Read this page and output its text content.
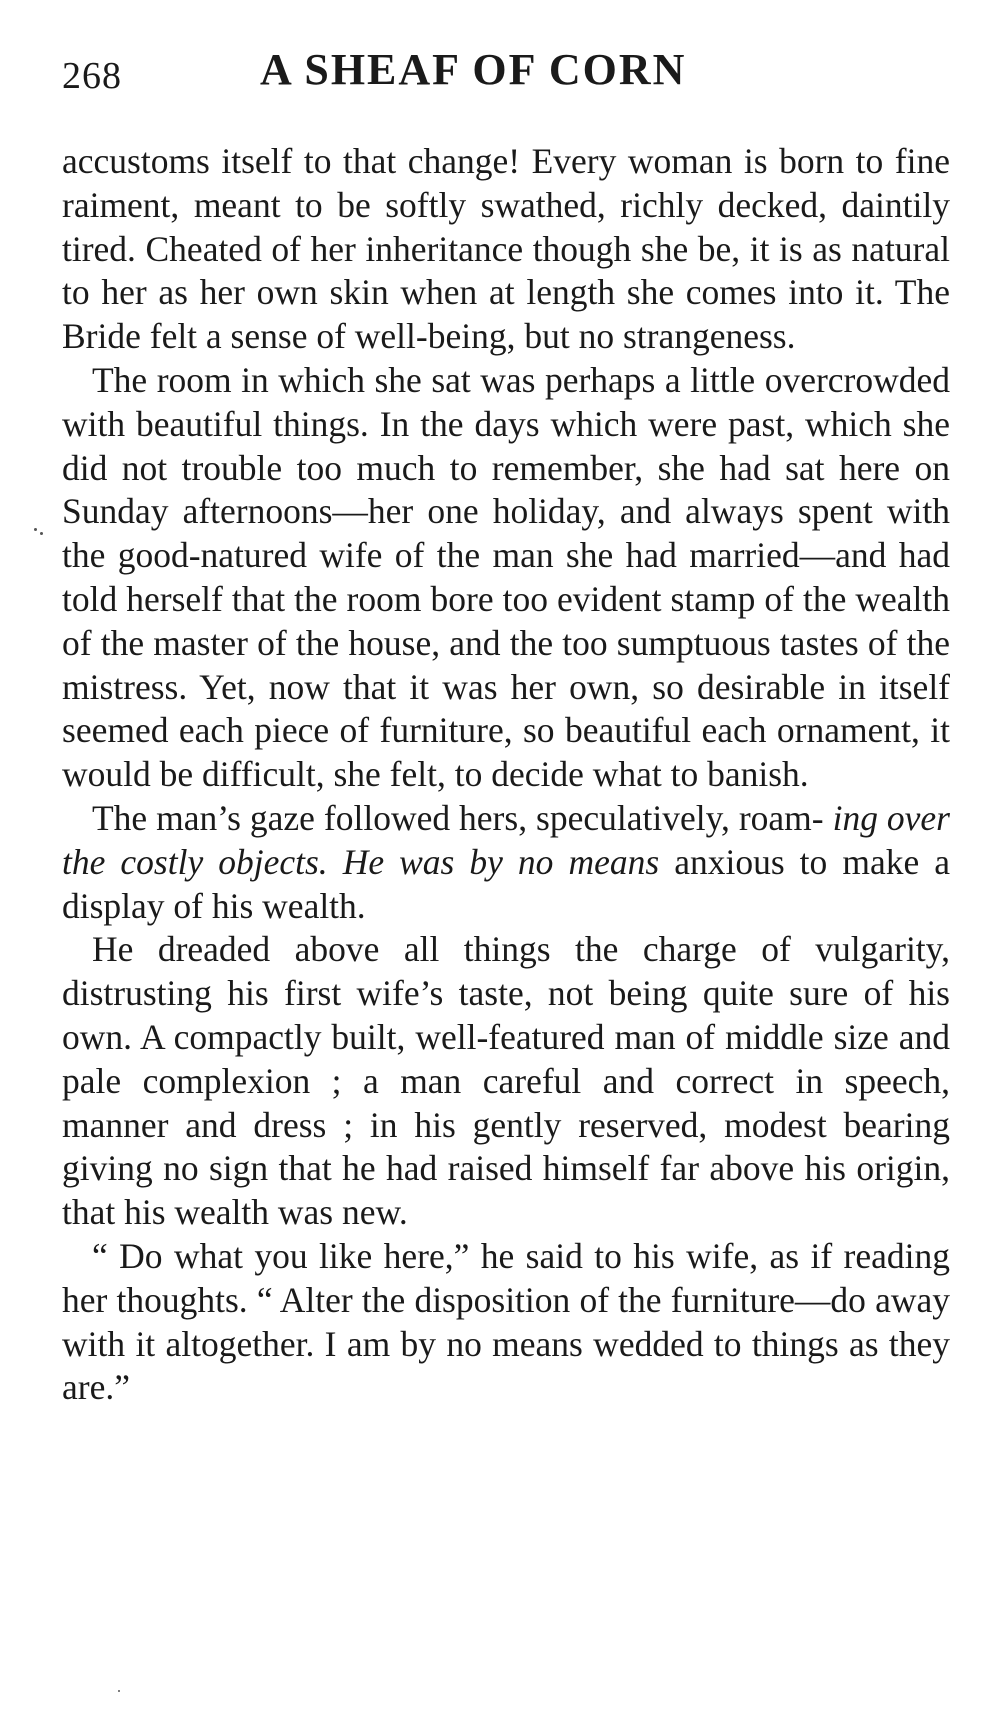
268	A SHEAF OF CORN

accustoms itself to that change! Every woman is born to fine raiment, meant to be softly swathed, richly decked, daintily tired. Cheated of her inheritance though she be, it is as natural to her as her own skin when at length she comes into it. The Bride felt a sense of well-being, but no strangeness.

The room in which she sat was perhaps a little overcrowded with beautiful things. In the days which were past, which she did not trouble too much to remember, she had sat here on Sunday afternoons—her one holiday, and always spent with the good-natured wife of the man she had married—and had told herself that the room bore too evident stamp of the wealth of the master of the house, and the too sumptuous tastes of the mistress. Yet, now that it was her own, so desirable in itself seemed each piece of furniture, so beautiful each ornament, it would be difficult, she felt, to decide what to banish.

The man’s gaze followed hers, speculatively, roam- ing over the costly objects. He was by no means anxious to make a display of his wealth.

He dreaded above all things the charge of vulgarity, distrusting his first wife’s taste, not being quite sure of his own. A compactly built, well-featured man of middle size and pale complexion ; a man careful and correct in speech, manner and dress ; in his gently reserved, modest bearing giving no sign that he had raised himself far above his origin, that his wealth was new.

“ Do what you like here,” he said to his wife, as if reading her thoughts. “ Alter the disposition of the furniture—do away with it altogether. I am by no means wedded to things as they are.”
